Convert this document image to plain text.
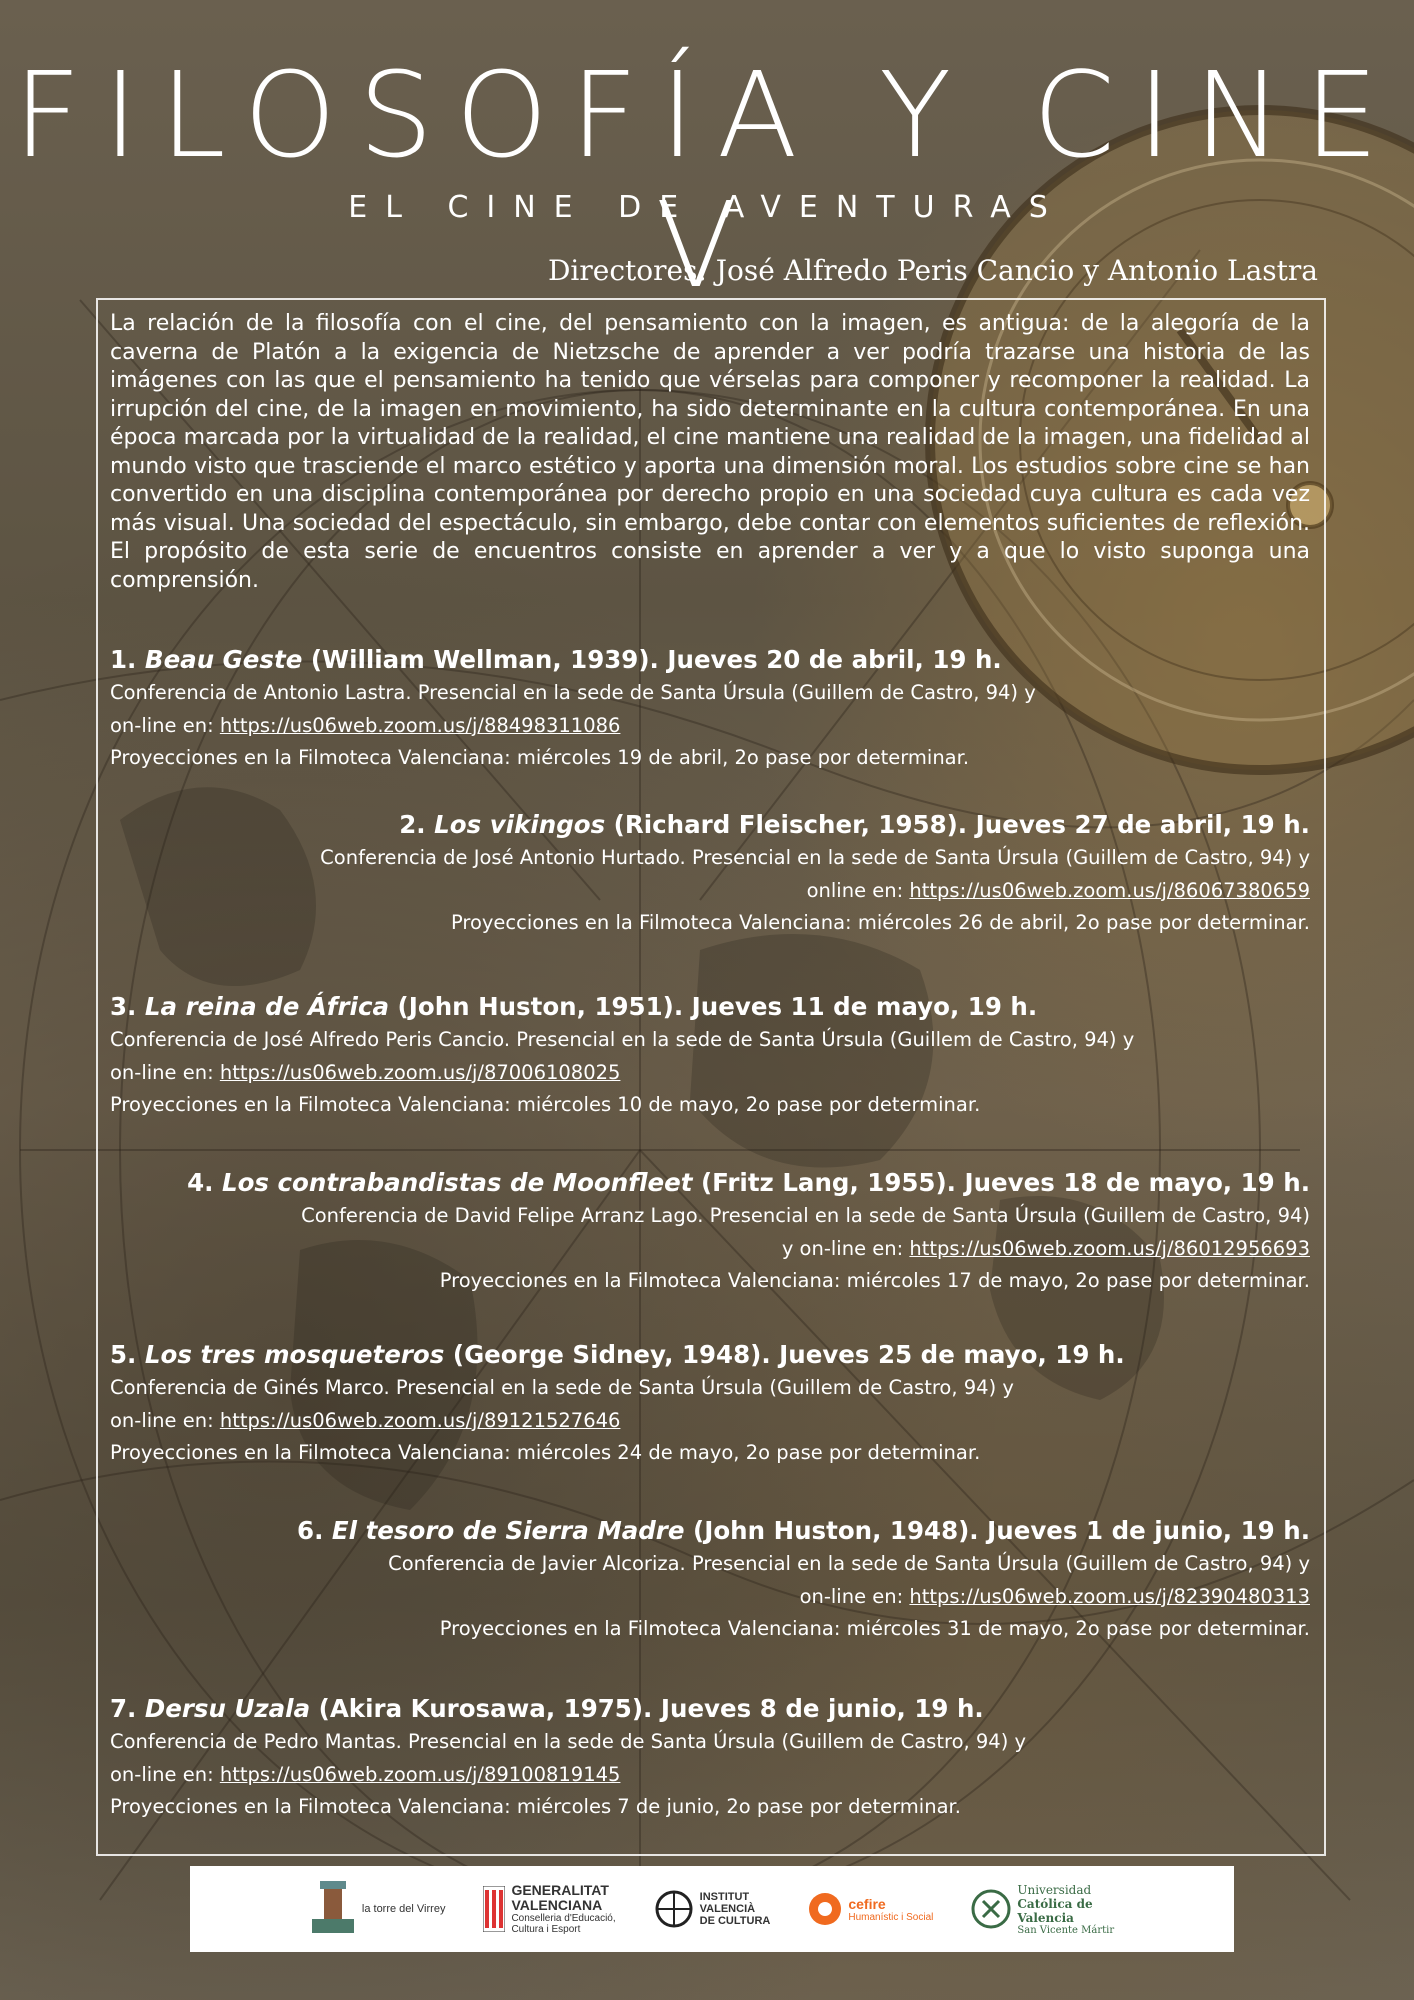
FILOSOFÍA Y CINE V
EL CINE DE AVENTURAS
Directores: José Alfredo Peris Cancio y Antonio Lastra
La relación de la filosofía con el cine, del pensamiento con la imagen, es antigua: de la alegoría de la caverna de Platón a la exigencia de Nietzsche de aprender a ver podría trazarse una historia de las imágenes con las que el pensamiento ha tenido que vérselas para componer y recomponer la realidad. La irrupción del cine, de la imagen en movimiento, ha sido determinante en la cultura contemporánea. En una época marcada por la virtualidad de la realidad, el cine mantiene una realidad de la imagen, una fidelidad al mundo visto que trasciende el marco estético y aporta una dimensión moral. Los estudios sobre cine se han convertido en una disciplina contemporánea por derecho propio en una sociedad cuya cultura es cada vez más visual. Una sociedad del espectáculo, sin embargo, debe contar con elementos suficientes de reflexión. El propósito de esta serie de encuentros consiste en aprender a ver y a que lo visto suponga una comprensión.
1. Beau Geste (William Wellman, 1939). Jueves 20 de abril, 19 h.
Conferencia de Antonio Lastra. Presencial en la sede de Santa Úrsula (Guillem de Castro, 94) y
on-line en: https://us06web.zoom.us/j/88498311086
Proyecciones en la Filmoteca Valenciana: miércoles 19 de abril, 2o pase por determinar.
2. Los vikingos (Richard Fleischer, 1958). Jueves 27 de abril, 19 h.
Conferencia de José Antonio Hurtado. Presencial en la sede de Santa Úrsula (Guillem de Castro, 94) y
online en: https://us06web.zoom.us/j/86067380659
Proyecciones en la Filmoteca Valenciana: miércoles 26 de abril, 2o pase por determinar.
3. La reina de África (John Huston, 1951). Jueves 11 de mayo, 19 h.
Conferencia de José Alfredo Peris Cancio. Presencial en la sede de Santa Úrsula (Guillem de Castro, 94) y
on-line en: https://us06web.zoom.us/j/87006108025
Proyecciones en la Filmoteca Valenciana: miércoles 10 de mayo, 2o pase por determinar.
4. Los contrabandistas de Moonfleet (Fritz Lang, 1955). Jueves 18 de mayo, 19 h.
Conferencia de David Felipe Arranz Lago. Presencial en la sede de Santa Úrsula (Guillem de Castro, 94)
y on-line en: https://us06web.zoom.us/j/86012956693
Proyecciones en la Filmoteca Valenciana: miércoles 17 de mayo, 2o pase por determinar.
5. Los tres mosqueteros (George Sidney, 1948). Jueves 25 de mayo, 19 h.
Conferencia de Ginés Marco. Presencial en la sede de Santa Úrsula (Guillem de Castro, 94) y
on-line en: https://us06web.zoom.us/j/89121527646
Proyecciones en la Filmoteca Valenciana: miércoles 24 de mayo, 2o pase por determinar.
6. El tesoro de Sierra Madre (John Huston, 1948). Jueves 1 de junio, 19 h.
Conferencia de Javier Alcoriza. Presencial en la sede de Santa Úrsula (Guillem de Castro, 94) y
on-line en: https://us06web.zoom.us/j/82390480313
Proyecciones en la Filmoteca Valenciana: miércoles 31 de mayo, 2o pase por determinar.
7. Dersu Uzala (Akira Kurosawa, 1975). Jueves 8 de junio, 19 h.
Conferencia de Pedro Mantas. Presencial en la sede de Santa Úrsula (Guillem de Castro, 94) y
on-line en: https://us06web.zoom.us/j/89100819145
Proyecciones en la Filmoteca Valenciana: miércoles 7 de junio, 2o pase por determinar.
la torre del Virrey
GENERALITAT
VALENCIANA
Conselleria d'Educació,
Cultura i Esport
INSTITUT
VALENCIÀ
DE CULTURA
cefire
Humanístic i Social
Universidad
Católica de
Valencia
San Vicente Mártir
